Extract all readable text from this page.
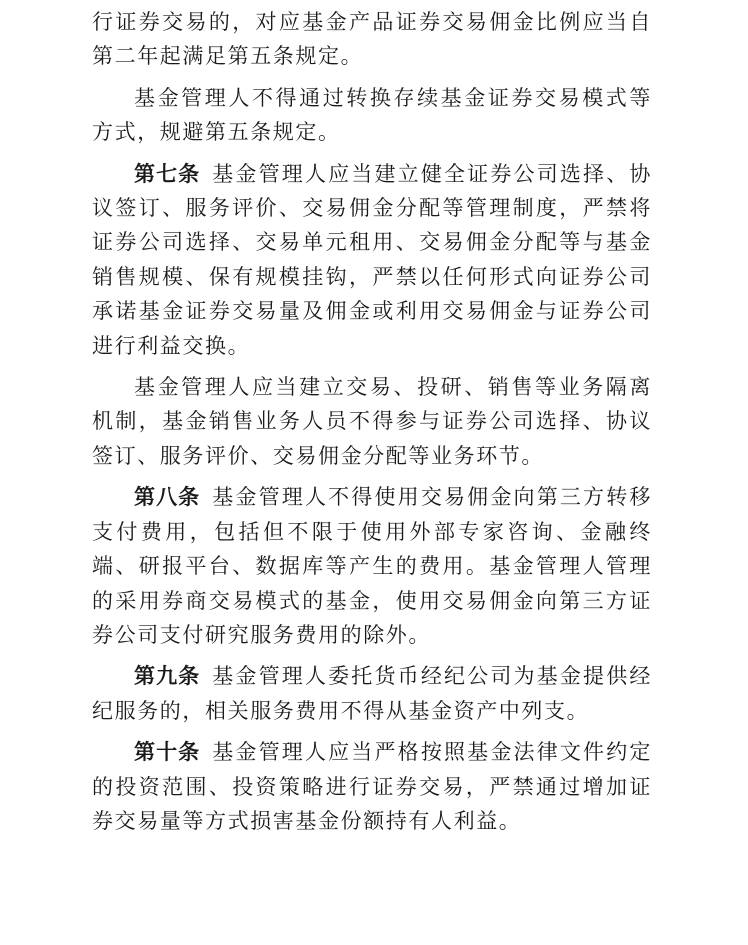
行证券交易的，对应基金产品证券交易佣金比例应当自第二年起满足第五条规定。

基金管理人不得通过转换存续基金证券交易模式等方式，规避第五条规定。

第七条 基金管理人应当建立健全证券公司选择、协议签订、服务评价、交易佣金分配等管理制度，严禁将证券公司选择、交易单元租用、交易佣金分配等与基金销售规模、保有规模挂钩，严禁以任何形式向证券公司承诺基金证券交易量及佣金或利用交易佣金与证券公司进行利益交换。

基金管理人应当建立交易、投研、销售等业务隔离机制，基金销售业务人员不得参与证券公司选择、协议签订、服务评价、交易佣金分配等业务环节。

第八条 基金管理人不得使用交易佣金向第三方转移支付费用，包括但不限于使用外部专家咨询、金融终端、研报平台、数据库等产生的费用。基金管理人管理的采用券商交易模式的基金，使用交易佣金向第三方证券公司支付研究服务费用的除外。

第九条 基金管理人委托货币经纪公司为基金提供经纪服务的，相关服务费用不得从基金资产中列支。

第十条 基金管理人应当严格按照基金法律文件约定的投资范围、投资策略进行证券交易，严禁通过增加证券交易量等方式损害基金份额持有人利益。
